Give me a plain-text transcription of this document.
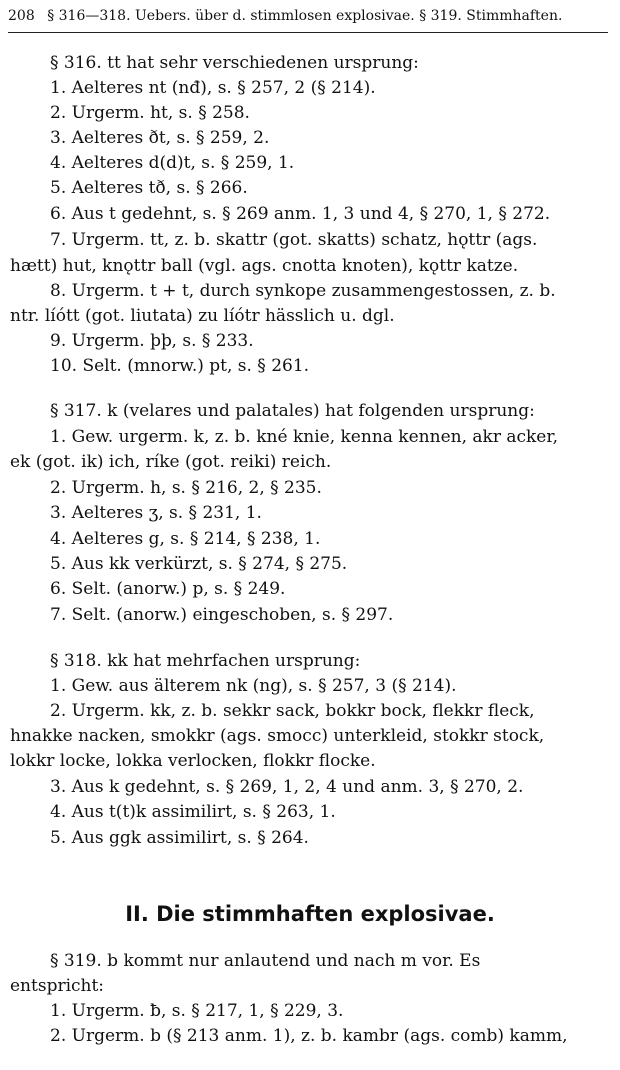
208 § 316—318. Uebers. über d. stimmlosen explosivae. § 319. Stimmhaften.
§ 316. tt hat sehr verschiedenen ursprung:
1. Aelteres nt (nđ), s. § 257, 2 (§ 214).
2. Urgerm. ht, s. § 258.
3. Aelteres ðt, s. § 259, 2.
4. Aelteres d(d)t, s. § 259, 1.
5. Aelteres tð, s. § 266.
6. Aus t gedehnt, s. § 269 anm. 1, 3 und 4, § 270, 1, § 272.
7. Urgerm. tt, z. b. skattr (got. skatts) schatz, hǫttr (ags.
hætt) hut, knǫttr ball (vgl. ags. cnotta knoten), kǫttr katze.
8. Urgerm. t + t, durch synkope zusammengestossen, z. b.
ntr. líótt (got. liutata) zu líótr hässlich u. dgl.
9. Urgerm. þþ, s. § 233.
10. Selt. (mnorw.) pt, s. § 261.
§ 317. k (velares und palatales) hat folgenden ursprung:
1. Gew. urgerm. k, z. b. kné knie, kenna kennen, akr acker,
ek (got. ik) ich, ríke (got. reiki) reich.
2. Urgerm. h, s. § 216, 2, § 235.
3. Aelteres ʒ, s. § 231, 1.
4. Aelteres g, s. § 214, § 238, 1.
5. Aus kk verkürzt, s. § 274, § 275.
6. Selt. (anorw.) p, s. § 249.
7. Selt. (anorw.) eingeschoben, s. § 297.
§ 318. kk hat mehrfachen ursprung:
1. Gew. aus älterem nk (ng), s. § 257, 3 (§ 214).
2. Urgerm. kk, z. b. sekkr sack, bokkr bock, flekkr fleck,
hnakke nacken, smokkr (ags. smocc) unterkleid, stokkr stock,
lokkr locke, lokka verlocken, flokkr flocke.
3. Aus k gedehnt, s. § 269, 1, 2, 4 und anm. 3, § 270, 2.
4. Aus t(t)k assimilirt, s. § 263, 1.
5. Aus ggk assimilirt, s. § 264.
II. Die stimmhaften explosivae.
§ 319. b kommt nur anlautend und nach m vor. Es
entspricht:
1. Urgerm. ƀ, s. § 217, 1, § 229, 3.
2. Urgerm. b (§ 213 anm. 1), z. b. kambr (ags. comb) kamm,
